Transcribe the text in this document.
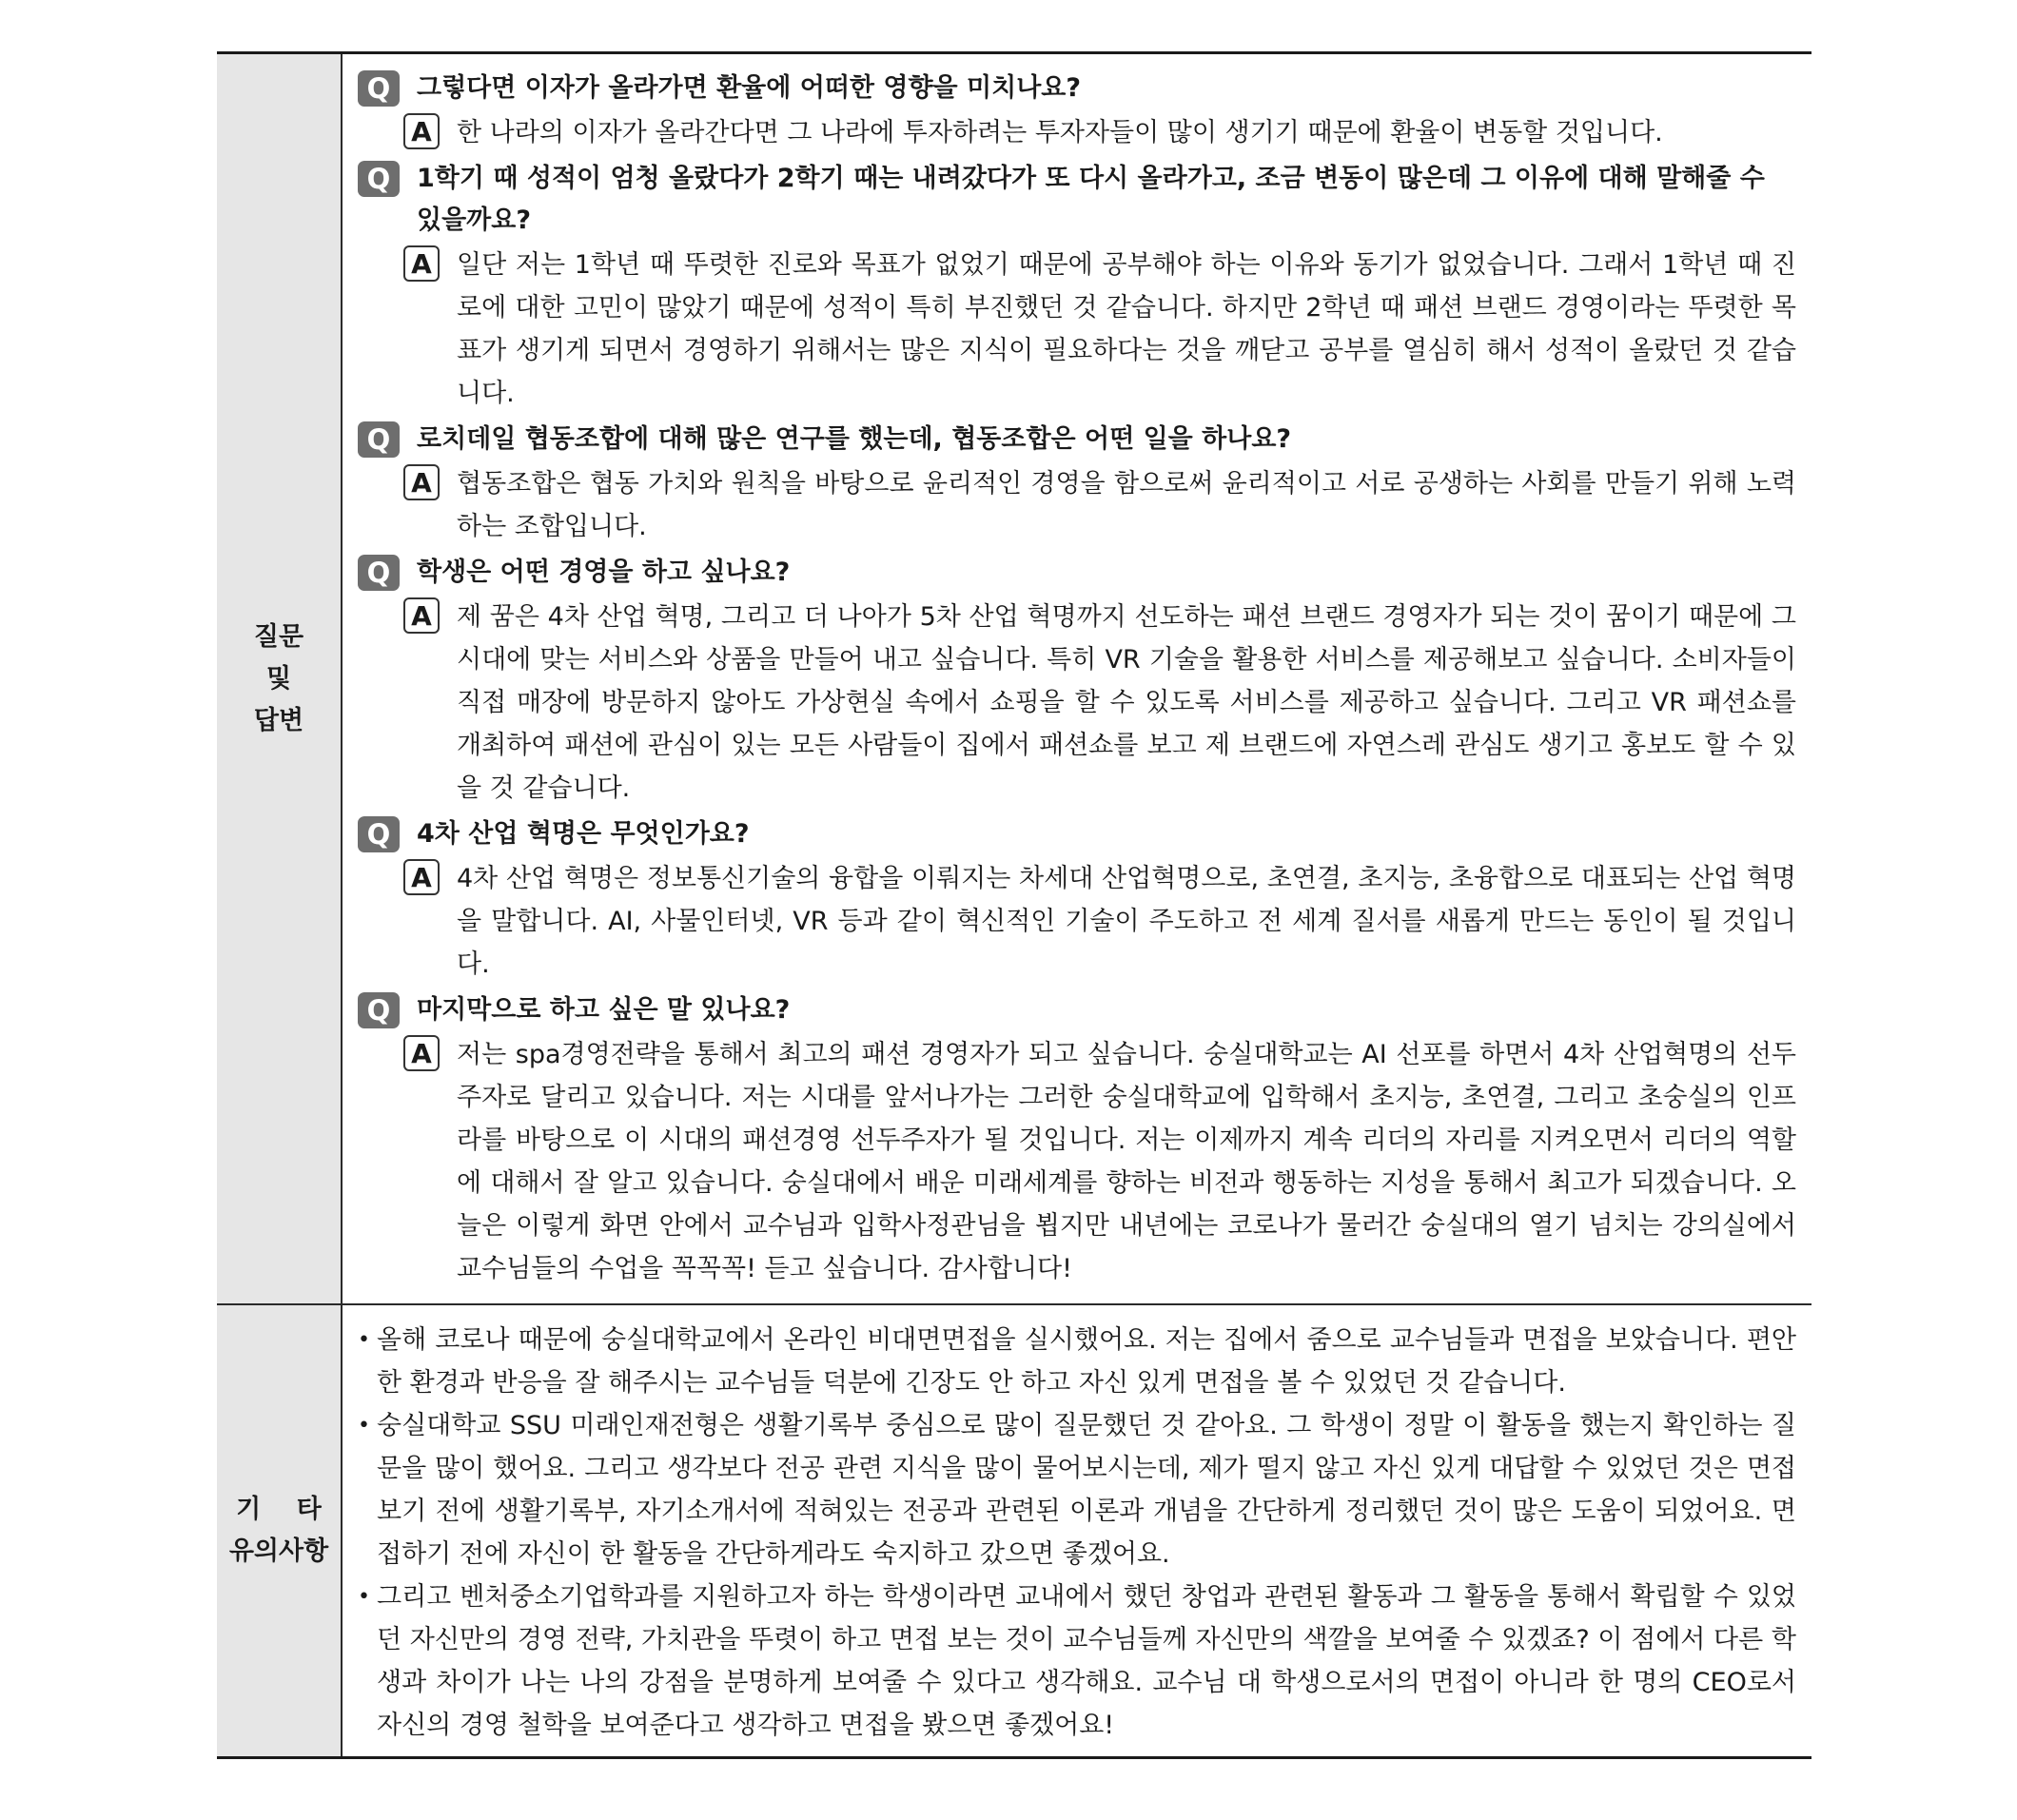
질문
및
답변
Q	그렇다면 이자가 올라가면 환율에 어떠한 영향을 미치나요?
A 한 나라의 이자가 올라간다면 그 나라에 투자하려는 투자자들이 많이 생기기 때문에 환율이 변동할 것입니다.
Q	1학기 때 성적이 엄청 올랐다가 2학기 때는 내려갔다가 또 다시 올라가고, 조금 변동이 많은데 그 이유에 대해 말해줄 수 있을까요?
A 일단 저는 1학년 때 뚜렷한 진로와 목표가 없었기 때문에 공부해야 하는 이유와 동기가 없었습니다. 그래서 1학년 때 진로에 대한 고민이 많았기 때문에 성적이 특히 부진했던 것 같습니다. 하지만 2학년 때 패션 브랜드 경영이라는 뚜렷한 목표가 생기게 되면서 경영하기 위해서는 많은 지식이 필요하다는 것을 깨닫고 공부를 열심히 해서 성적이 올랐던 것 같습니다.
Q	로치데일 협동조합에 대해 많은 연구를 했는데, 협동조합은 어떤 일을 하나요?
A 협동조합은 협동 가치와 원칙을 바탕으로 윤리적인 경영을 함으로써 윤리적이고 서로 공생하는 사회를 만들기 위해 노력하는 조합입니다.
Q	학생은 어떤 경영을 하고 싶나요?
A 제 꿈은 4차 산업 혁명, 그리고 더 나아가 5차 산업 혁명까지 선도하는 패션 브랜드 경영자가 되는 것이 꿈이기 때문에 그 시대에 맞는 서비스와 상품을 만들어 내고 싶습니다. 특히 VR 기술을 활용한 서비스를 제공해보고 싶습니다. 소비자들이 직접 매장에 방문하지 않아도 가상현실 속에서 쇼핑을 할 수 있도록 서비스를 제공하고 싶습니다. 그리고 VR 패션쇼를 개최하여 패션에 관심이 있는 모든 사람들이 집에서 패션쇼를 보고 제 브랜드에 자연스레 관심도 생기고 홍보도 할 수 있을 것 같습니다.
Q	4차 산업 혁명은 무엇인가요?
A 4차 산업 혁명은 정보통신기술의 융합을 이뤄지는 차세대 산업혁명으로, 초연결, 초지능, 초융합으로 대표되는 산업 혁명을 말합니다. AI, 사물인터넷, VR 등과 같이 혁신적인 기술이 주도하고 전 세계 질서를 새롭게 만드는 동인이 될 것입니다.
Q	마지막으로 하고 싶은 말 있나요?
A 저는 spa경영전략을 통해서 최고의 패션 경영자가 되고 싶습니다. 숭실대학교는 AI 선포를 하면서 4차 산업혁명의 선두주자로 달리고 있습니다. 저는 시대를 앞서나가는 그러한 숭실대학교에 입학해서 초지능, 초연결, 그리고 초숭실의 인프라를 바탕으로 이 시대의 패션경영 선두주자가 될 것입니다. 저는 이제까지 계속 리더의 자리를 지켜오면서 리더의 역할에 대해서 잘 알고 있습니다. 숭실대에서 배운 미래세계를 향하는 비전과 행동하는 지성을 통해서 최고가 되겠습니다. 오늘은 이렇게 화면 안에서 교수님과 입학사정관님을 뵙지만 내년에는 코로나가 물러간 숭실대의 열기 넘치는 강의실에서 교수님들의 수업을 꼭꼭꼭! 듣고 싶습니다. 감사합니다!
기    타
유의사항
• 올해 코로나 때문에 숭실대학교에서 온라인 비대면면접을 실시했어요. 저는 집에서 줌으로 교수님들과 면접을 보았습니다. 편안한 환경과 반응을 잘 해주시는 교수님들 덕분에 긴장도 안 하고 자신 있게 면접을 볼 수 있었던 것 같습니다.
• 숭실대학교 SSU 미래인재전형은 생활기록부 중심으로 많이 질문했던 것 같아요. 그 학생이 정말 이 활동을 했는지 확인하는 질문을 많이 했어요. 그리고 생각보다 전공 관련 지식을 많이 물어보시는데, 제가 떨지 않고 자신 있게 대답할 수 있었던 것은 면접 보기 전에 생활기록부, 자기소개서에 적혀있는 전공과 관련된 이론과 개념을 간단하게 정리했던 것이 많은 도움이 되었어요. 면접하기 전에 자신이 한 활동을 간단하게라도 숙지하고 갔으면 좋겠어요.
• 그리고 벤처중소기업학과를 지원하고자 하는 학생이라면 교내에서 했던 창업과 관련된 활동과 그 활동을 통해서 확립할 수 있었던 자신만의 경영 전략, 가치관을 뚜렷이 하고 면접 보는 것이 교수님들께 자신만의 색깔을 보여줄 수 있겠죠? 이 점에서 다른 학생과 차이가 나는 나의 강점을 분명하게 보여줄 수 있다고 생각해요. 교수님 대 학생으로서의 면접이 아니라 한 명의 CEO로서 자신의 경영 철학을 보여준다고 생각하고 면접을 봤으면 좋겠어요!
